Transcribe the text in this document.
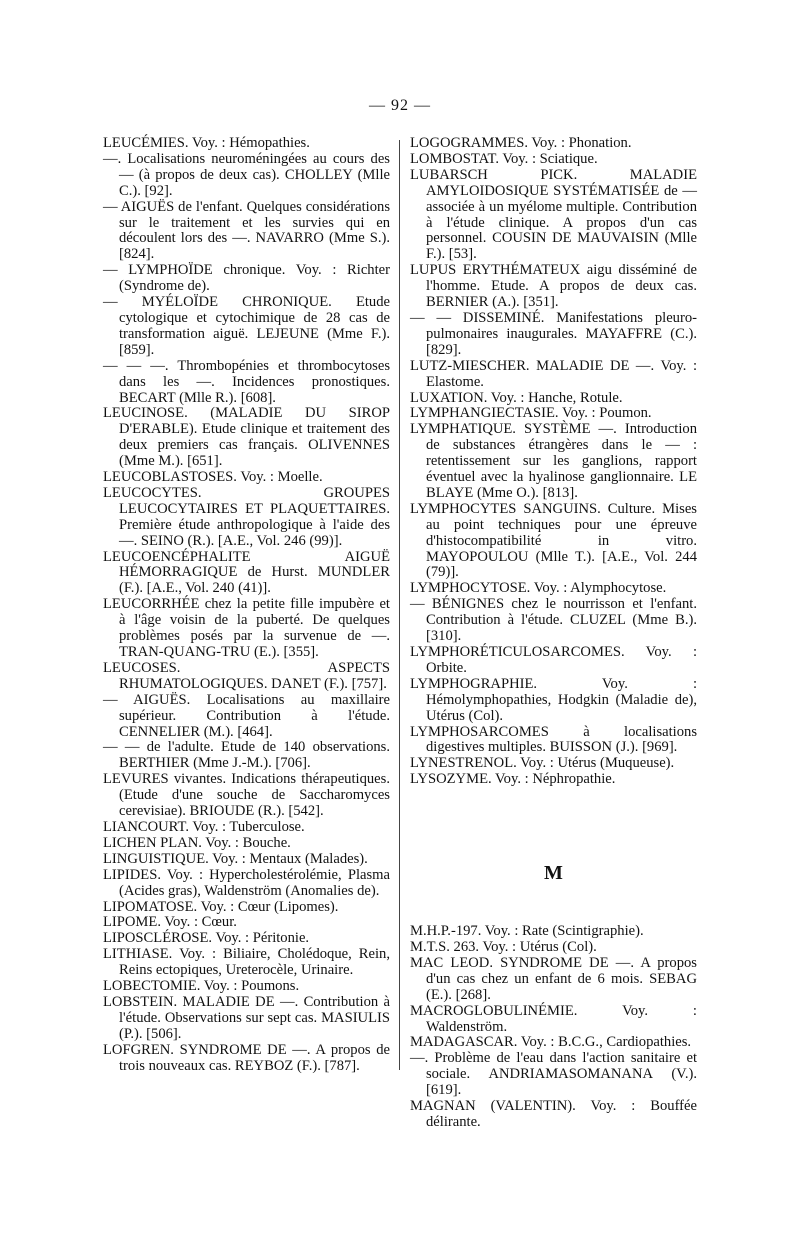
— 92 —

LEUCÉMIES. Voy. : Hémopathies.

—. Localisations neuroméningées au cours des — (à propos de deux cas). CHOLLEY (Mlle C.). [92].

— AIGUËS de l'enfant. Quelques considérations sur le traitement et les survies qui en découlent lors des —. NAVARRO (Mme S.). [824].

— LYMPHOÏDE chronique. Voy. : Richter (Syndrome de).

— MYÉLOÏDE CHRONIQUE. Etude cytologique et cytochimique de 28 cas de transformation aiguë. LEJEUNE (Mme F.). [859].

— — —. Thrombopénies et thrombocytoses dans les —. Incidences pronostiques. BECART (Mlle R.). [608].

LEUCINOSE. (MALADIE DU SIROP D'ERABLE). Etude clinique et traitement des deux premiers cas français. OLIVENNES (Mme M.). [651].

LEUCOBLASTOSES. Voy. : Moelle.

LEUCOCYTES. GROUPES LEUCOCYTAIRES ET PLAQUETTAIRES. Première étude anthropologique à l'aide des —. SEINO (R.). [A.E., Vol. 246 (99)].

LEUCOENCÉPHALITE AIGUË HÉMORRAGIQUE de Hurst. MUNDLER (F.). [A.E., Vol. 240 (41)].

LEUCORRHÉE chez la petite fille impubère et à l'âge voisin de la puberté. De quelques problèmes posés par la survenue de —. TRAN-QUANG-TRU (E.). [355].

LEUCOSES. ASPECTS RHUMATOLOGIQUES. DANET (F.). [757].

— AIGUËS. Localisations au maxillaire supérieur. Contribution à l'étude. CENNELIER (M.). [464].

— — de l'adulte. Etude de 140 observations. BERTHIER (Mme J.-M.). [706].

LEVURES vivantes. Indications thérapeutiques. (Etude d'une souche de Saccharomyces cerevisiae). BRIOUDE (R.). [542].

LIANCOURT. Voy. : Tuberculose.

LICHEN PLAN. Voy. : Bouche.

LINGUISTIQUE. Voy. : Mentaux (Malades).

LIPIDES. Voy. : Hypercholestérolémie, Plasma (Acides gras), Waldenström (Anomalies de).

LIPOMATOSE. Voy. : Cœur (Lipomes).

LIPOME. Voy. : Cœur.

LIPOSCLÉROSE. Voy. : Péritonie.

LITHIASE. Voy. : Biliaire, Cholédoque, Rein, Reins ectopiques, Ureterocèle, Urinaire.

LOBECTOMIE. Voy. : Poumons.

LOBSTEIN. MALADIE DE —. Contribution à l'étude. Observations sur sept cas. MASIULIS (P.). [506].

LOFGREN. SYNDROME DE —. A propos de trois nouveaux cas. REYBOZ (F.). [787].

LOGOGRAMMES. Voy. : Phonation.

LOMBOSTAT. Voy. : Sciatique.

LUBARSCH PICK. MALADIE AMYLOIDOSIQUE SYSTÉMATISÉE de — associée à un myélome multiple. Contribution à l'étude clinique. A propos d'un cas personnel. COUSIN DE MAUVAISIN (Mlle F.). [53].

LUPUS ERYTHÉMATEUX aigu disséminé de l'homme. Etude. A propos de deux cas. BERNIER (A.). [351].

— — DISSEMINÉ. Manifestations pleuro-pulmonaires inaugurales. MAYAFFRE (C.). [829].

LUTZ-MIESCHER. MALADIE DE —. Voy. : Elastome.

LUXATION. Voy. : Hanche, Rotule.

LYMPHANGIECTASIE. Voy. : Poumon.

LYMPHATIQUE. SYSTÈME —. Introduction de substances étrangères dans le — : retentissement sur les ganglions, rapport éventuel avec la hyalinose ganglionnaire. LE BLAYE (Mme O.). [813].

LYMPHOCYTES SANGUINS. Culture. Mises au point techniques pour une épreuve d'histocompatibilité in vitro. MAYOPOULOU (Mlle T.). [A.E., Vol. 244 (79)].

LYMPHOCYTOSE. Voy. : Alymphocytose.

— BÉNIGNES chez le nourrisson et l'enfant. Contribution à l'étude. CLUZEL (Mme B.). [310].

LYMPHORÉTICULOSARCOMES. Voy. : Orbite.

LYMPHOGRAPHIE. Voy. : Hémolymphopathies, Hodgkin (Maladie de), Utérus (Col).

LYMPHOSARCOMES à localisations digestives multiples. BUISSON (J.). [969].

LYNESTRENOL. Voy. : Utérus (Muqueuse).

LYSOZYME. Voy. : Néphropathie.

M

M.H.P.-197. Voy. : Rate (Scintigraphie).

M.T.S. 263. Voy. : Utérus (Col).

MAC LEOD. SYNDROME DE —. A propos d'un cas chez un enfant de 6 mois. SEBAG (E.). [268].

MACROGLOBULINÉMIE. Voy. : Waldenström.

MADAGASCAR. Voy. : B.C.G., Cardiopathies.

—. Problème de l'eau dans l'action sanitaire et sociale. ANDRIAMASOMANANA (V.). [619].

MAGNAN (VALENTIN). Voy. : Bouffée délirante.
